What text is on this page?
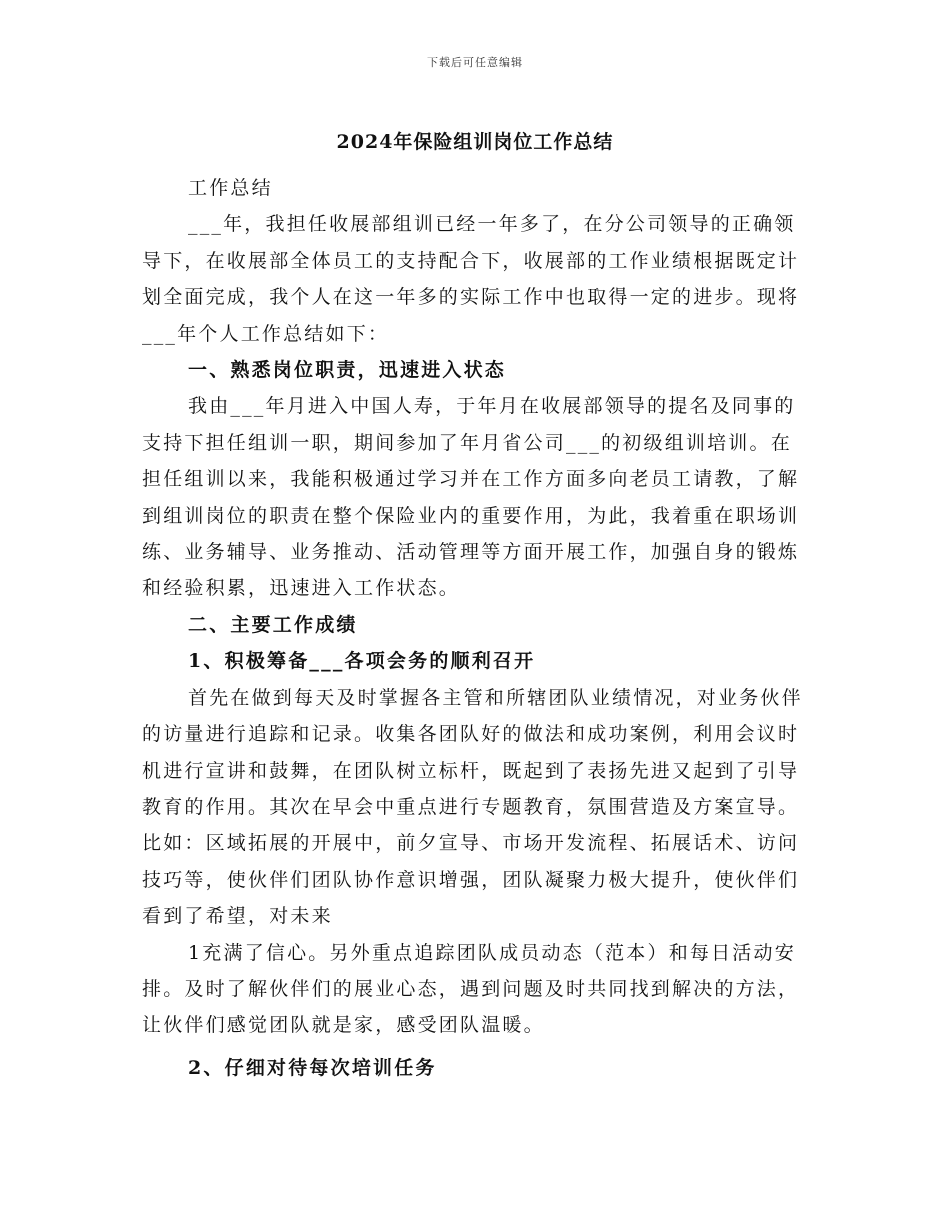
下载后可任意编辑
2024年保险组训岗位工作总结

工作总结

___年，我担任收展部组训已经一年多了，在分公司领导的正确领导下，在收展部全体员工的支持配合下，收展部的工作业绩根据既定计划全面完成，我个人在这一年多的实际工作中也取得一定的进步。现将___年个人工作总结如下：

一、熟悉岗位职责，迅速进入状态

我由___年月进入中国人寿，于年月在收展部领导的提名及同事的支持下担任组训一职，期间参加了年月省公司___的初级组训培训。在担任组训以来，我能积极通过学习并在工作方面多向老员工请教，了解到组训岗位的职责在整个保险业内的重要作用，为此，我着重在职场训练、业务辅导、业务推动、活动管理等方面开展工作，加强自身的锻炼和经验积累，迅速进入工作状态。

二、主要工作成绩

1、积极筹备___各项会务的顺利召开

首先在做到每天及时掌握各主管和所辖团队业绩情况，对业务伙伴的访量进行追踪和记录。收集各团队好的做法和成功案例，利用会议时机进行宣讲和鼓舞，在团队树立标杆，既起到了表扬先进又起到了引导教育的作用。其次在早会中重点进行专题教育，氛围营造及方案宣导。比如：区域拓展的开展中，前夕宣导、市场开发流程、拓展话术、访问技巧等，使伙伴们团队协作意识增强，团队凝聚力极大提升，使伙伴们看到了希望，对未来

1充满了信心。另外重点追踪团队成员动态（范本）和每日活动安排。及时了解伙伴们的展业心态，遇到问题及时共同找到解决的方法，让伙伴们感觉团队就是家，感受团队温暖。

2、仔细对待每次培训任务
